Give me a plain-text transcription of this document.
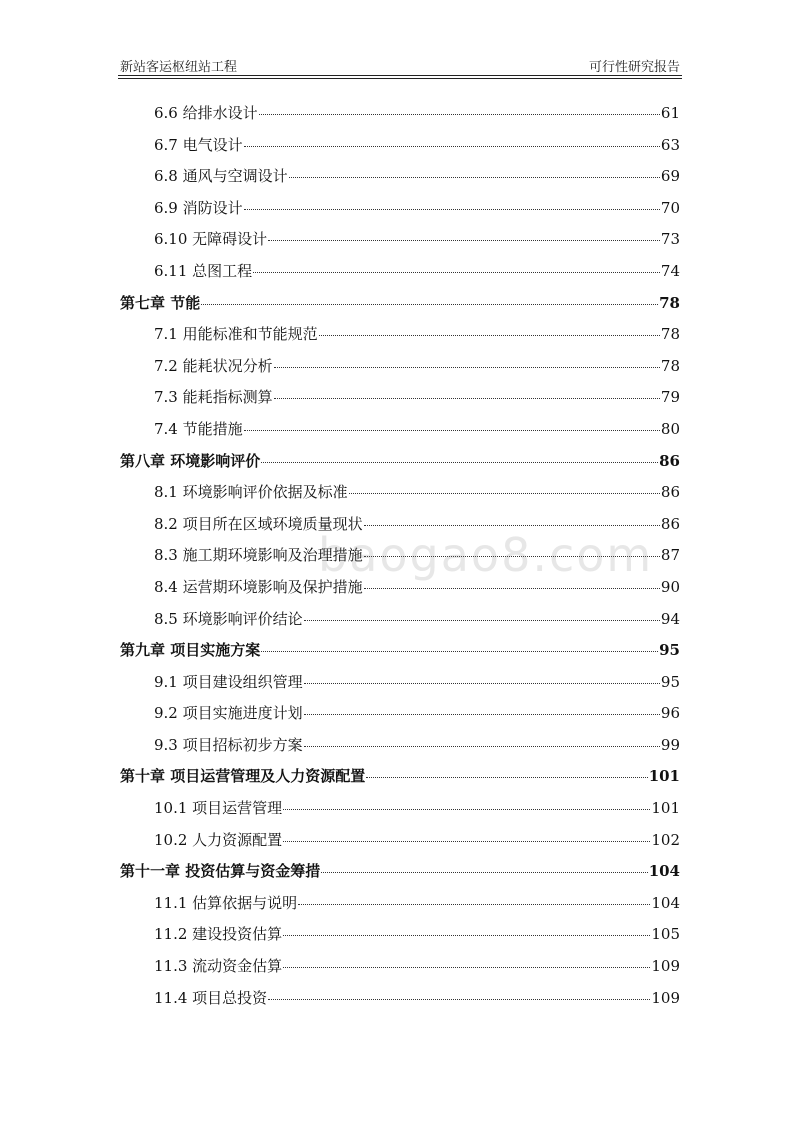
新站客运枢纽站工程	可行性研究报告
6.6 给排水设计	61
6.7 电气设计	63
6.8 通风与空调设计	69
6.9 消防设计	70
6.10 无障碍设计	73
6.11 总图工程	74
第七章 节能	78
7.1 用能标准和节能规范	78
7.2 能耗状况分析	78
7.3 能耗指标测算	79
7.4 节能措施	80
第八章 环境影响评价	86
8.1 环境影响评价依据及标准	86
8.2 项目所在区域环境质量现状	86
8.3 施工期环境影响及治理措施	87
8.4 运营期环境影响及保护措施	90
8.5 环境影响评价结论	94
第九章 项目实施方案	95
9.1 项目建设组织管理	95
9.2 项目实施进度计划	96
9.3 项目招标初步方案	99
第十章 项目运营管理及人力资源配置	101
10.1 项目运营管理	101
10.2 人力资源配置	102
第十一章 投资估算与资金筹措	104
11.1 估算依据与说明	104
11.2 建设投资估算	105
11.3 流动资金估算	109
11.4 项目总投资	109
baogao8.com
